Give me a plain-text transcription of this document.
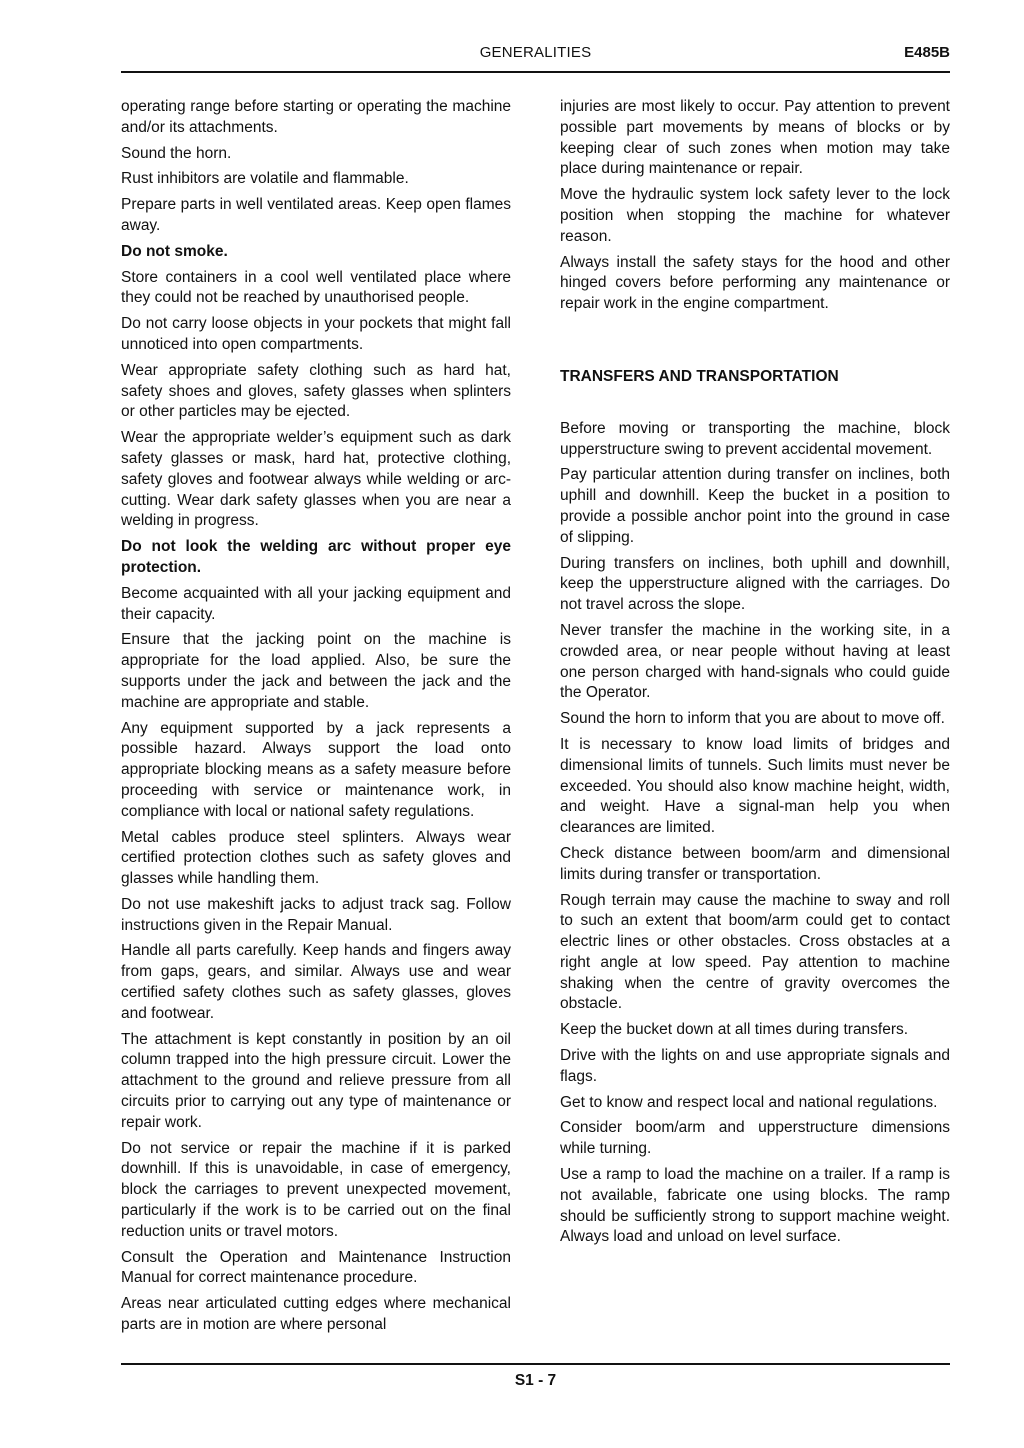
GENERALITIES	E485B

operating range before starting or operating the machine and/or its attachments.

Sound the horn.

Rust inhibitors are volatile and flammable.

Prepare parts in well ventilated areas. Keep open flames away.

Do not smoke.

Store containers in a cool well ventilated place where they could not be reached by unauthorised people.

Do not carry loose objects in your pockets that might fall unnoticed into open compartments.

Wear appropriate safety clothing such as hard hat, safety shoes and gloves, safety glasses when splinters or other particles may be ejected.

Wear the appropriate welder’s equipment such as dark safety glasses or mask, hard hat, protective clothing, safety gloves and footwear always while welding or arc-cutting. Wear dark safety glasses when you are near a welding in progress.

Do not look the welding arc without proper eye protection.

Become acquainted with all your jacking equipment and their capacity.

Ensure that the jacking point on the machine is appropriate for the load applied. Also, be sure the supports under the jack and between the jack and the machine are appropriate and stable.

Any equipment supported by a jack represents a possible hazard. Always support the load onto appropriate blocking means as a safety measure before proceeding with service or maintenance work, in compliance with local or national safety regulations.

Metal cables produce steel splinters. Always wear certified protection clothes such as safety gloves and glasses while handling them.

Do not use makeshift jacks to adjust track sag. Follow instructions given in the Repair Manual.

Handle all parts carefully. Keep hands and fingers away from gaps, gears, and similar. Always use and wear certified safety clothes such as safety glasses, gloves and footwear.

The attachment is kept constantly in position by an oil column trapped into the high pressure circuit. Lower the attachment to the ground and relieve pressure from all circuits prior to carrying out any type of maintenance or repair work.

Do not service or repair the machine if it is parked downhill. If this is unavoidable, in case of emergency, block the carriages to prevent unexpected movement, particularly if the work is to be carried out on the final reduction units or travel motors.

Consult the Operation and Maintenance Instruction Manual for correct maintenance procedure.

Areas near articulated cutting edges where mechanical parts are in motion are where personal

injuries are most likely to occur. Pay attention to prevent possible part movements by means of blocks or by keeping clear of such zones when motion may take place during maintenance or repair.

Move the hydraulic system lock safety lever to the lock position when stopping the machine for whatever reason.

Always install the safety stays for the hood and other hinged covers before performing any maintenance or repair work in the engine compartment.

TRANSFERS AND TRANSPORTATION

Before moving or transporting the machine, block upperstructure swing to prevent accidental movement.

Pay particular attention during transfer on inclines, both uphill and downhill. Keep the bucket in a position to provide a possible anchor point into the ground in case of slipping.

During transfers on inclines, both uphill and downhill, keep the upperstructure aligned with the carriages. Do not travel across the slope.

Never transfer the machine in the working site, in a crowded area, or near people without having at least one person charged with hand-signals who could guide the Operator.

Sound the horn to inform that you are about to move off.

It is necessary to know load limits of bridges and dimensional limits of tunnels. Such limits must never be exceeded. You should also know machine height, width, and weight. Have a signal-man help you when clearances are limited.

Check distance between boom/arm and dimensional limits during transfer or transportation.

Rough terrain may cause the machine to sway and roll to such an extent that boom/arm could get to contact electric lines or other obstacles. Cross obstacles at a right angle at low speed. Pay attention to machine shaking when the centre of gravity overcomes the obstacle.

Keep the bucket down at all times during transfers.

Drive with the lights on and use appropriate signals and flags.

Get to know and respect local and national regulations.

Consider boom/arm and upperstructure dimensions while turning.

Use a ramp to load the machine on a trailer. If a ramp is not available, fabricate one using blocks. The ramp should be sufficiently strong to support machine weight. Always load and unload on level surface.

S1 - 7
